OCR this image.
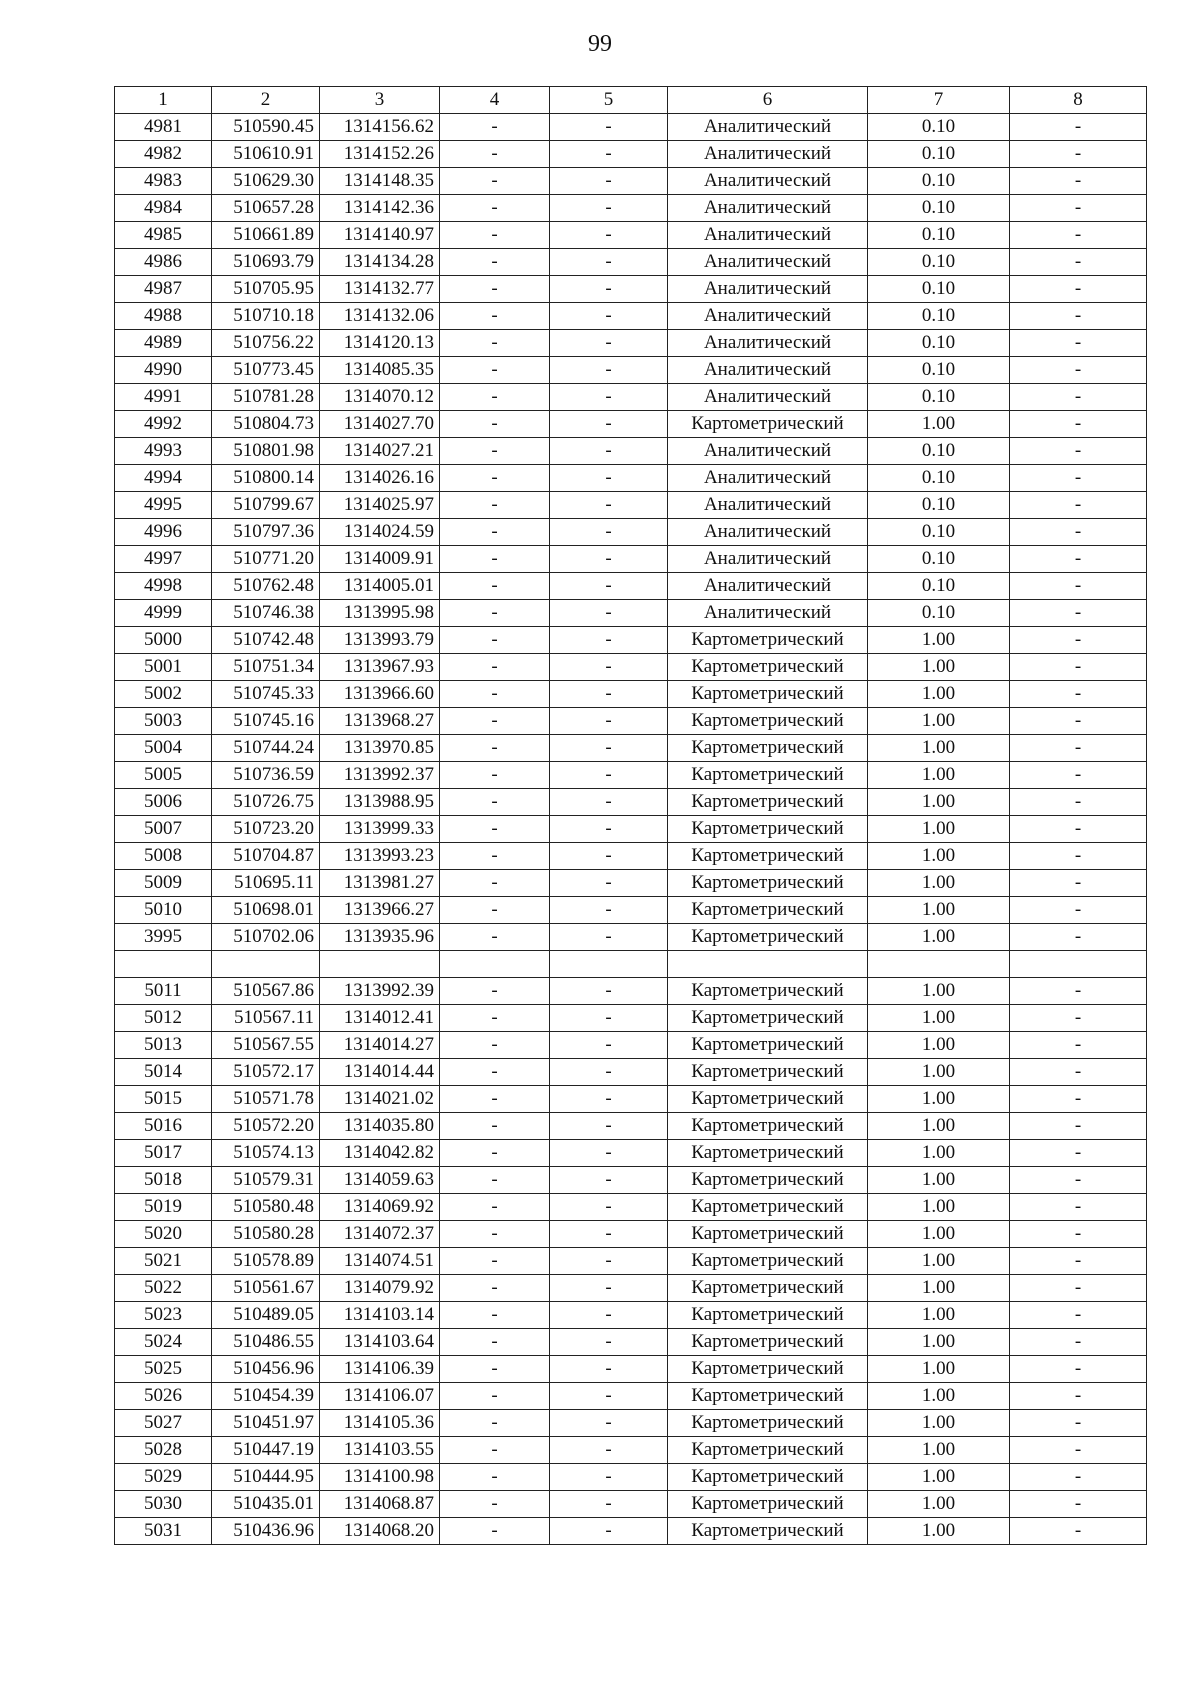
99
1	2	3	4	5	6	7	8
4981	510590.45	1314156.62	-	-	Аналитический	0.10	-
4982	510610.91	1314152.26	-	-	Аналитический	0.10	-
4983	510629.30	1314148.35	-	-	Аналитический	0.10	-
4984	510657.28	1314142.36	-	-	Аналитический	0.10	-
4985	510661.89	1314140.97	-	-	Аналитический	0.10	-
4986	510693.79	1314134.28	-	-	Аналитический	0.10	-
4987	510705.95	1314132.77	-	-	Аналитический	0.10	-
4988	510710.18	1314132.06	-	-	Аналитический	0.10	-
4989	510756.22	1314120.13	-	-	Аналитический	0.10	-
4990	510773.45	1314085.35	-	-	Аналитический	0.10	-
4991	510781.28	1314070.12	-	-	Аналитический	0.10	-
4992	510804.73	1314027.70	-	-	Картометрический	1.00	-
4993	510801.98	1314027.21	-	-	Аналитический	0.10	-
4994	510800.14	1314026.16	-	-	Аналитический	0.10	-
4995	510799.67	1314025.97	-	-	Аналитический	0.10	-
4996	510797.36	1314024.59	-	-	Аналитический	0.10	-
4997	510771.20	1314009.91	-	-	Аналитический	0.10	-
4998	510762.48	1314005.01	-	-	Аналитический	0.10	-
4999	510746.38	1313995.98	-	-	Аналитический	0.10	-
5000	510742.48	1313993.79	-	-	Картометрический	1.00	-
5001	510751.34	1313967.93	-	-	Картометрический	1.00	-
5002	510745.33	1313966.60	-	-	Картометрический	1.00	-
5003	510745.16	1313968.27	-	-	Картометрический	1.00	-
5004	510744.24	1313970.85	-	-	Картометрический	1.00	-
5005	510736.59	1313992.37	-	-	Картометрический	1.00	-
5006	510726.75	1313988.95	-	-	Картометрический	1.00	-
5007	510723.20	1313999.33	-	-	Картометрический	1.00	-
5008	510704.87	1313993.23	-	-	Картометрический	1.00	-
5009	510695.11	1313981.27	-	-	Картометрический	1.00	-
5010	510698.01	1313966.27	-	-	Картометрический	1.00	-
3995	510702.06	1313935.96	-	-	Картометрический	1.00	-

5011	510567.86	1313992.39	-	-	Картометрический	1.00	-
5012	510567.11	1314012.41	-	-	Картометрический	1.00	-
5013	510567.55	1314014.27	-	-	Картометрический	1.00	-
5014	510572.17	1314014.44	-	-	Картометрический	1.00	-
5015	510571.78	1314021.02	-	-	Картометрический	1.00	-
5016	510572.20	1314035.80	-	-	Картометрический	1.00	-
5017	510574.13	1314042.82	-	-	Картометрический	1.00	-
5018	510579.31	1314059.63	-	-	Картометрический	1.00	-
5019	510580.48	1314069.92	-	-	Картометрический	1.00	-
5020	510580.28	1314072.37	-	-	Картометрический	1.00	-
5021	510578.89	1314074.51	-	-	Картометрический	1.00	-
5022	510561.67	1314079.92	-	-	Картометрический	1.00	-
5023	510489.05	1314103.14	-	-	Картометрический	1.00	-
5024	510486.55	1314103.64	-	-	Картометрический	1.00	-
5025	510456.96	1314106.39	-	-	Картометрический	1.00	-
5026	510454.39	1314106.07	-	-	Картометрический	1.00	-
5027	510451.97	1314105.36	-	-	Картометрический	1.00	-
5028	510447.19	1314103.55	-	-	Картометрический	1.00	-
5029	510444.95	1314100.98	-	-	Картометрический	1.00	-
5030	510435.01	1314068.87	-	-	Картометрический	1.00	-
5031	510436.96	1314068.20	-	-	Картометрический	1.00	-
